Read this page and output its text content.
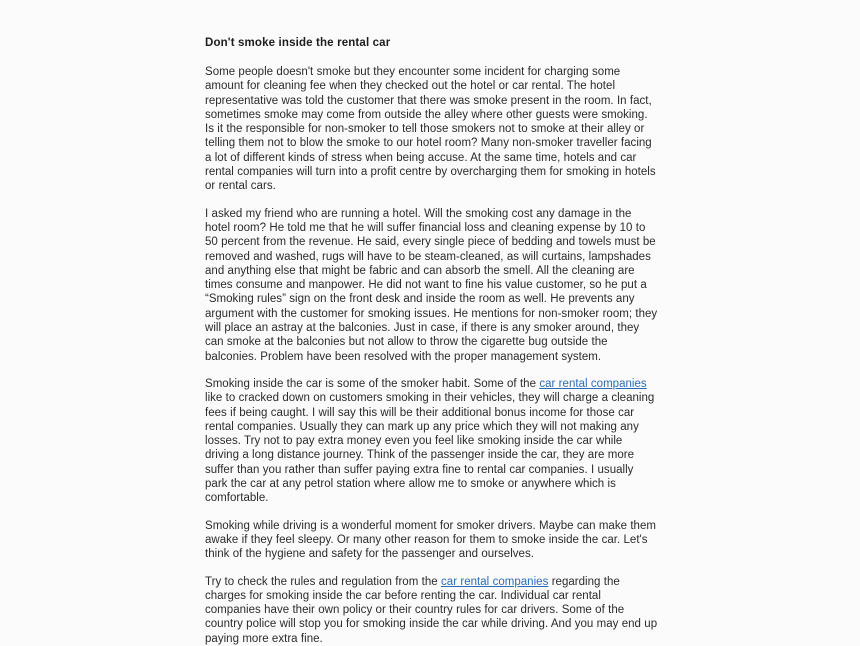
Don't smoke inside the rental car

Some people doesn't smoke but they encounter some incident for charging some amount for cleaning fee when they checked out the hotel or car rental. The hotel representative was told the customer that there was smoke present in the room. In fact, sometimes smoke may come from outside the alley where other guests were smoking. Is it the responsible for non-smoker to tell those smokers not to smoke at their alley or telling them not to blow the smoke to our hotel room? Many non-smoker traveller facing a lot of different kinds of stress when being accuse. At the same time, hotels and car rental companies will turn into a profit centre by overcharging them for smoking in hotels or rental cars.

I asked my friend who are running a hotel. Will the smoking cost any damage in the hotel room? He told me that he will suffer financial loss and cleaning expense by 10 to 50 percent from the revenue. He said, every single piece of bedding and towels must be removed and washed, rugs will have to be steam-cleaned, as will curtains, lampshades and anything else that might be fabric and can absorb the smell. All the cleaning are times consume and manpower. He did not want to fine his value customer, so he put a “Smoking rules” sign on the front desk and inside the room as well. He prevents any argument with the customer for smoking issues. He mentions for non-smoker room; they will place an astray at the balconies. Just in case, if there is any smoker around, they can smoke at the balconies but not allow to throw the cigarette bug outside the balconies. Problem have been resolved with the proper management system.

Smoking inside the car is some of the smoker habit. Some of the car rental companies like to cracked down on customers smoking in their vehicles, they will charge a cleaning fees if being caught. I will say this will be their additional bonus income for those car rental companies. Usually they can mark up any price which they will not making any losses. Try not to pay extra money even you feel like smoking inside the car while driving a long distance journey. Think of the passenger inside the car, they are more suffer than you rather than suffer paying extra fine to rental car companies. I usually park the car at any petrol station where allow me to smoke or anywhere which is comfortable.

Smoking while driving is a wonderful moment for smoker drivers. Maybe can make them awake if they feel sleepy. Or many other reason for them to smoke inside the car. Let's think of the hygiene and safety for the passenger and ourselves.

Try to check the rules and regulation from the car rental companies regarding the charges for smoking inside the car before renting the car. Individual car rental companies have their own policy or their country rules for car drivers. Some of the country police will stop you for smoking inside the car while driving. And you may end up paying more extra fine.
